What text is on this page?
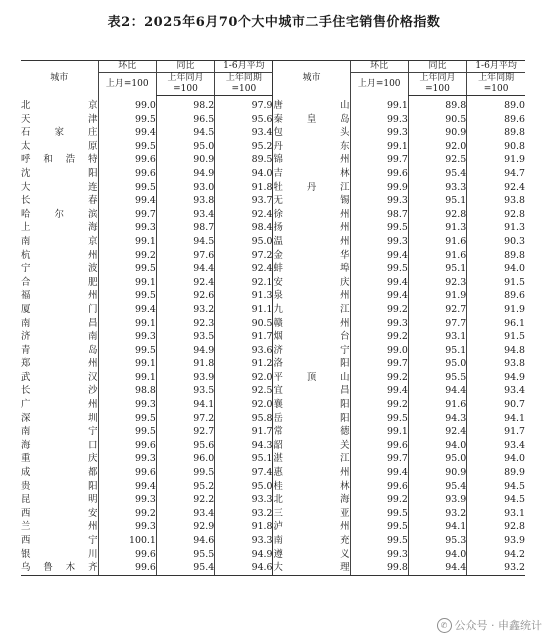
表2：2025年6月70个大中城市二手住宅销售价格指数
城市	环比	同比	1-6月平均	城市	环比	同比	1-6月平均
	上月=100	上年同月	上年同期		上月=100	上年同月	上年同期
		=100	=100			=100	=100
北京	99.0	98.2	97.9	唐山	99.1	89.8	89.0
天津	99.5	96.5	95.6	秦皇岛	99.3	90.5	89.6
石家庄	99.4	94.5	93.4	包头	99.3	90.9	89.8
太原	99.5	95.0	95.2	丹东	99.1	92.0	90.8
呼和浩特	99.6	90.9	89.5	锦州	99.7	92.5	91.9
沈阳	99.6	94.9	94.0	吉林	99.6	95.4	94.7
大连	99.5	93.0	91.8	牡丹江	99.9	93.3	92.4
长春	99.4	93.8	93.7	无锡	99.3	95.1	93.8
哈尔滨	99.7	93.4	92.4	徐州	98.7	92.8	92.8
上海	99.3	98.7	98.4	扬州	99.5	91.3	91.3
南京	99.1	94.5	95.0	温州	99.3	91.6	90.3
杭州	99.2	97.6	97.2	金华	99.4	91.6	89.8
宁波	99.5	94.4	92.4	蚌埠	99.5	95.1	94.0
合肥	99.1	92.4	92.1	安庆	99.4	92.3	91.5
福州	99.5	92.6	91.3	泉州	99.4	91.9	89.6
厦门	99.4	93.2	91.1	九江	99.2	92.7	91.9
南昌	99.1	92.3	90.5	赣州	99.3	97.7	96.1
济南	99.3	93.5	91.7	烟台	99.2	93.1	91.5
青岛	99.5	94.9	93.6	济宁	99.0	95.1	94.8
郑州	99.1	91.8	91.2	洛阳	99.7	95.0	93.8
武汉	99.1	93.9	92.0	平顶山	99.2	95.5	94.9
长沙	98.8	93.5	92.5	宜昌	99.4	94.4	93.4
广州	99.3	94.1	92.0	襄阳	99.2	91.6	90.7
深圳	99.5	97.2	95.8	岳阳	99.5	94.3	94.1
南宁	99.5	92.7	91.7	常德	99.1	92.4	91.7
海口	99.6	95.6	94.3	韶关	99.6	94.0	93.4
重庆	99.3	96.0	95.1	湛江	99.7	95.0	94.0
成都	99.6	99.5	97.4	惠州	99.4	90.9	89.9
贵阳	99.4	95.2	95.0	桂林	99.6	95.4	94.5
昆明	99.3	92.2	93.3	北海	99.2	93.9	94.5
西安	99.2	93.4	93.2	三亚	99.5	93.2	93.1
兰州	99.3	92.9	91.8	泸州	99.5	94.1	92.8
西宁	100.1	94.6	93.3	南充	99.5	95.3	93.9
银川	99.6	95.5	94.9	遵义	99.3	94.0	94.2
乌鲁木齐	99.6	95.4	94.6	大理	99.8	94.4	93.2
✆ 公众号 · 申鑫统计
